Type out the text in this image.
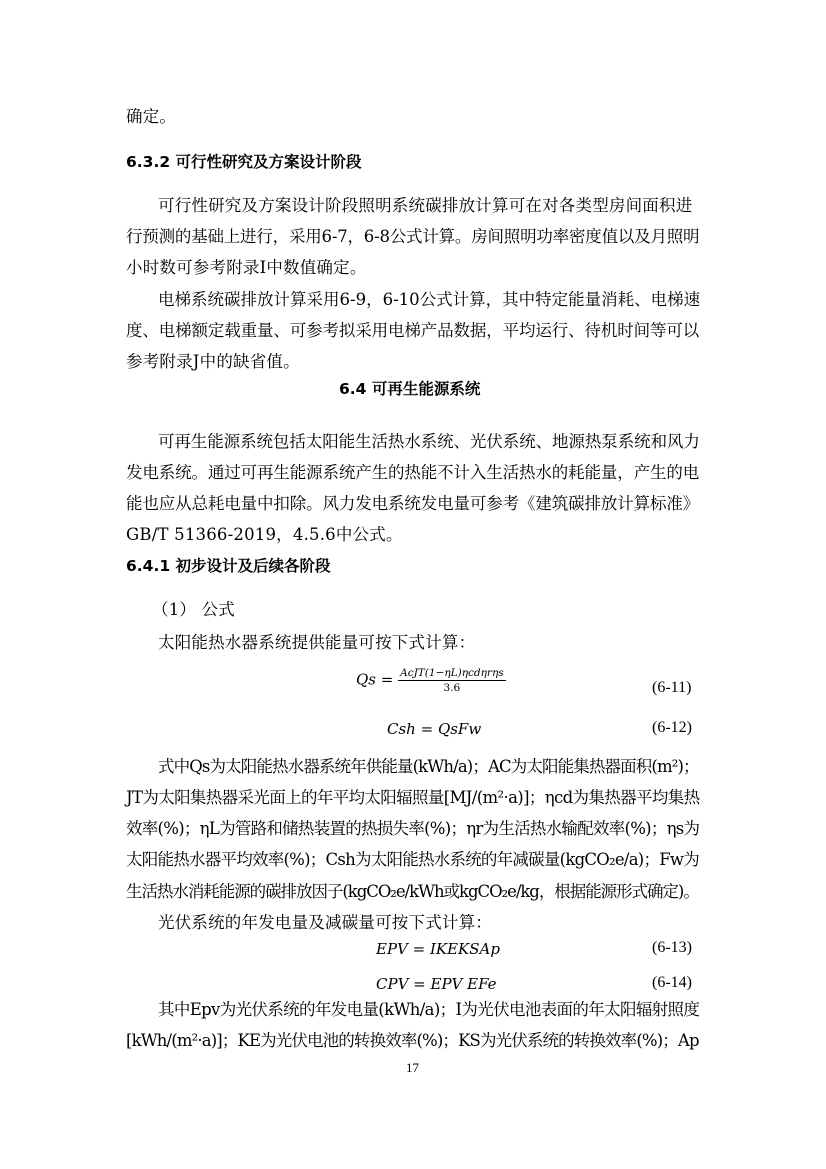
确定。
6.3.2 可行性研究及方案设计阶段
可行性研究及方案设计阶段照明系统碳排放计算可在对各类型房间面积进
行预测的基础上进行，采用6-7，6-8公式计算。房间照明功率密度值以及月照明
小时数可参考附录I中数值确定。
电梯系统碳排放计算采用6-9，6-10公式计算，其中特定能量消耗、电梯速
度、电梯额定载重量、可参考拟采用电梯产品数据，平均运行、待机时间等可以
参考附录J中的缺省值。
6.4 可再生能源系统
可再生能源系统包括太阳能生活热水系统、光伏系统、地源热泵系统和风力
发电系统。通过可再生能源系统产生的热能不计入生活热水的耗能量，产生的电
能也应从总耗电量中扣除。风力发电系统发电量可参考《建筑碳排放计算标准》
GB/T 51366-2019，4.5.6中公式。
6.4.1 初步设计及后续各阶段
（1） 公式
太阳能热水器系统提供能量可按下式计算：
$Qs = \frac{\text{AcJT(1−ηL)ηcdηrηs}}{3.6}$	(6-11)
Csh = QsFw	(6-12)
式中Qs为太阳能热水器系统年供能量(kWh/a)；AC为太阳能集热器面积(m²)；
JT为太阳集热器采光面上的年平均太阳辐照量[MJ/(m²·a)]；ηcd为集热器平均集热
效率(%)；ηL为管路和储热装置的热损失率(%)；ηr为生活热水输配效率(%)；ηs为
太阳能热水器平均效率(%)；Csh为太阳能热水系统的年减碳量(kgCO₂e/a)；Fw为
生活热水消耗能源的碳排放因子(kgCO₂e/kWh或kgCO₂e/kg，根据能源形式确定)。
光伏系统的年发电量及减碳量可按下式计算：
EPV = IKEKSAp	(6-13)
CPV = EPV EFe	(6-14)
其中Epv为光伏系统的年发电量(kWh/a)；I为光伏电池表面的年太阳辐射照度
[kWh/(m²·a)]；KE为光伏电池的转换效率(%)；KS为光伏系统的转换效率(%)；Ap
17
